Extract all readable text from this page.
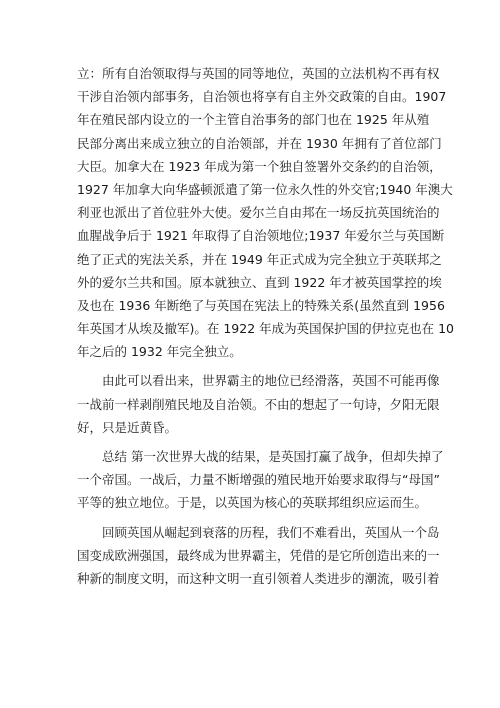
立：所有自治领取得与英国的同等地位，英国的立法机构不再有权
干涉自治领内部事务，自治领也将享有自主外交政策的自由。1907
年在殖民部内设立的一个主管自治事务的部门也在 1925 年从殖
民部分离出来成立独立的自治领部，并在 1930 年拥有了首位部门
大臣。加拿大在 1923 年成为第一个独自签署外交条约的自治领，
1927 年加拿大向华盛顿派遣了第一位永久性的外交官;1940 年澳大
利亚也派出了首位驻外大使。爱尔兰自由邦在一场反抗英国统治的
血腥战争后于 1921 年取得了自治领地位;1937 年爱尔兰与英国断
绝了正式的宪法关系，并在 1949 年正式成为完全独立于英联邦之
外的爱尔兰共和国。原本就独立、直到 1922 年才被英国掌控的埃
及也在 1936 年断绝了与英国在宪法上的特殊关系(虽然直到 1956
年英国才从埃及撤军)。在 1922 年成为英国保护国的伊拉克也在 10
年之后的 1932 年完全独立。
由此可以看出来，世界霸主的地位已经滑落，英国不可能再像
一战前一样剥削殖民地及自治领。不由的想起了一句诗，夕阳无限
好，只是近黄昏。
总结 第一次世界大战的结果，是英国打赢了战争，但却失掉了
一个帝国。一战后，力量不断增强的殖民地开始要求取得与“母国”
平等的独立地位。于是，以英国为核心的英联邦组织应运而生。
回顾英国从崛起到衰落的历程，我们不难看出，英国从一个岛
国变成欧洲强国，最终成为世界霸主，凭借的是它所创造出来的一
种新的制度文明，而这种文明一直引领着人类进步的潮流，吸引着
